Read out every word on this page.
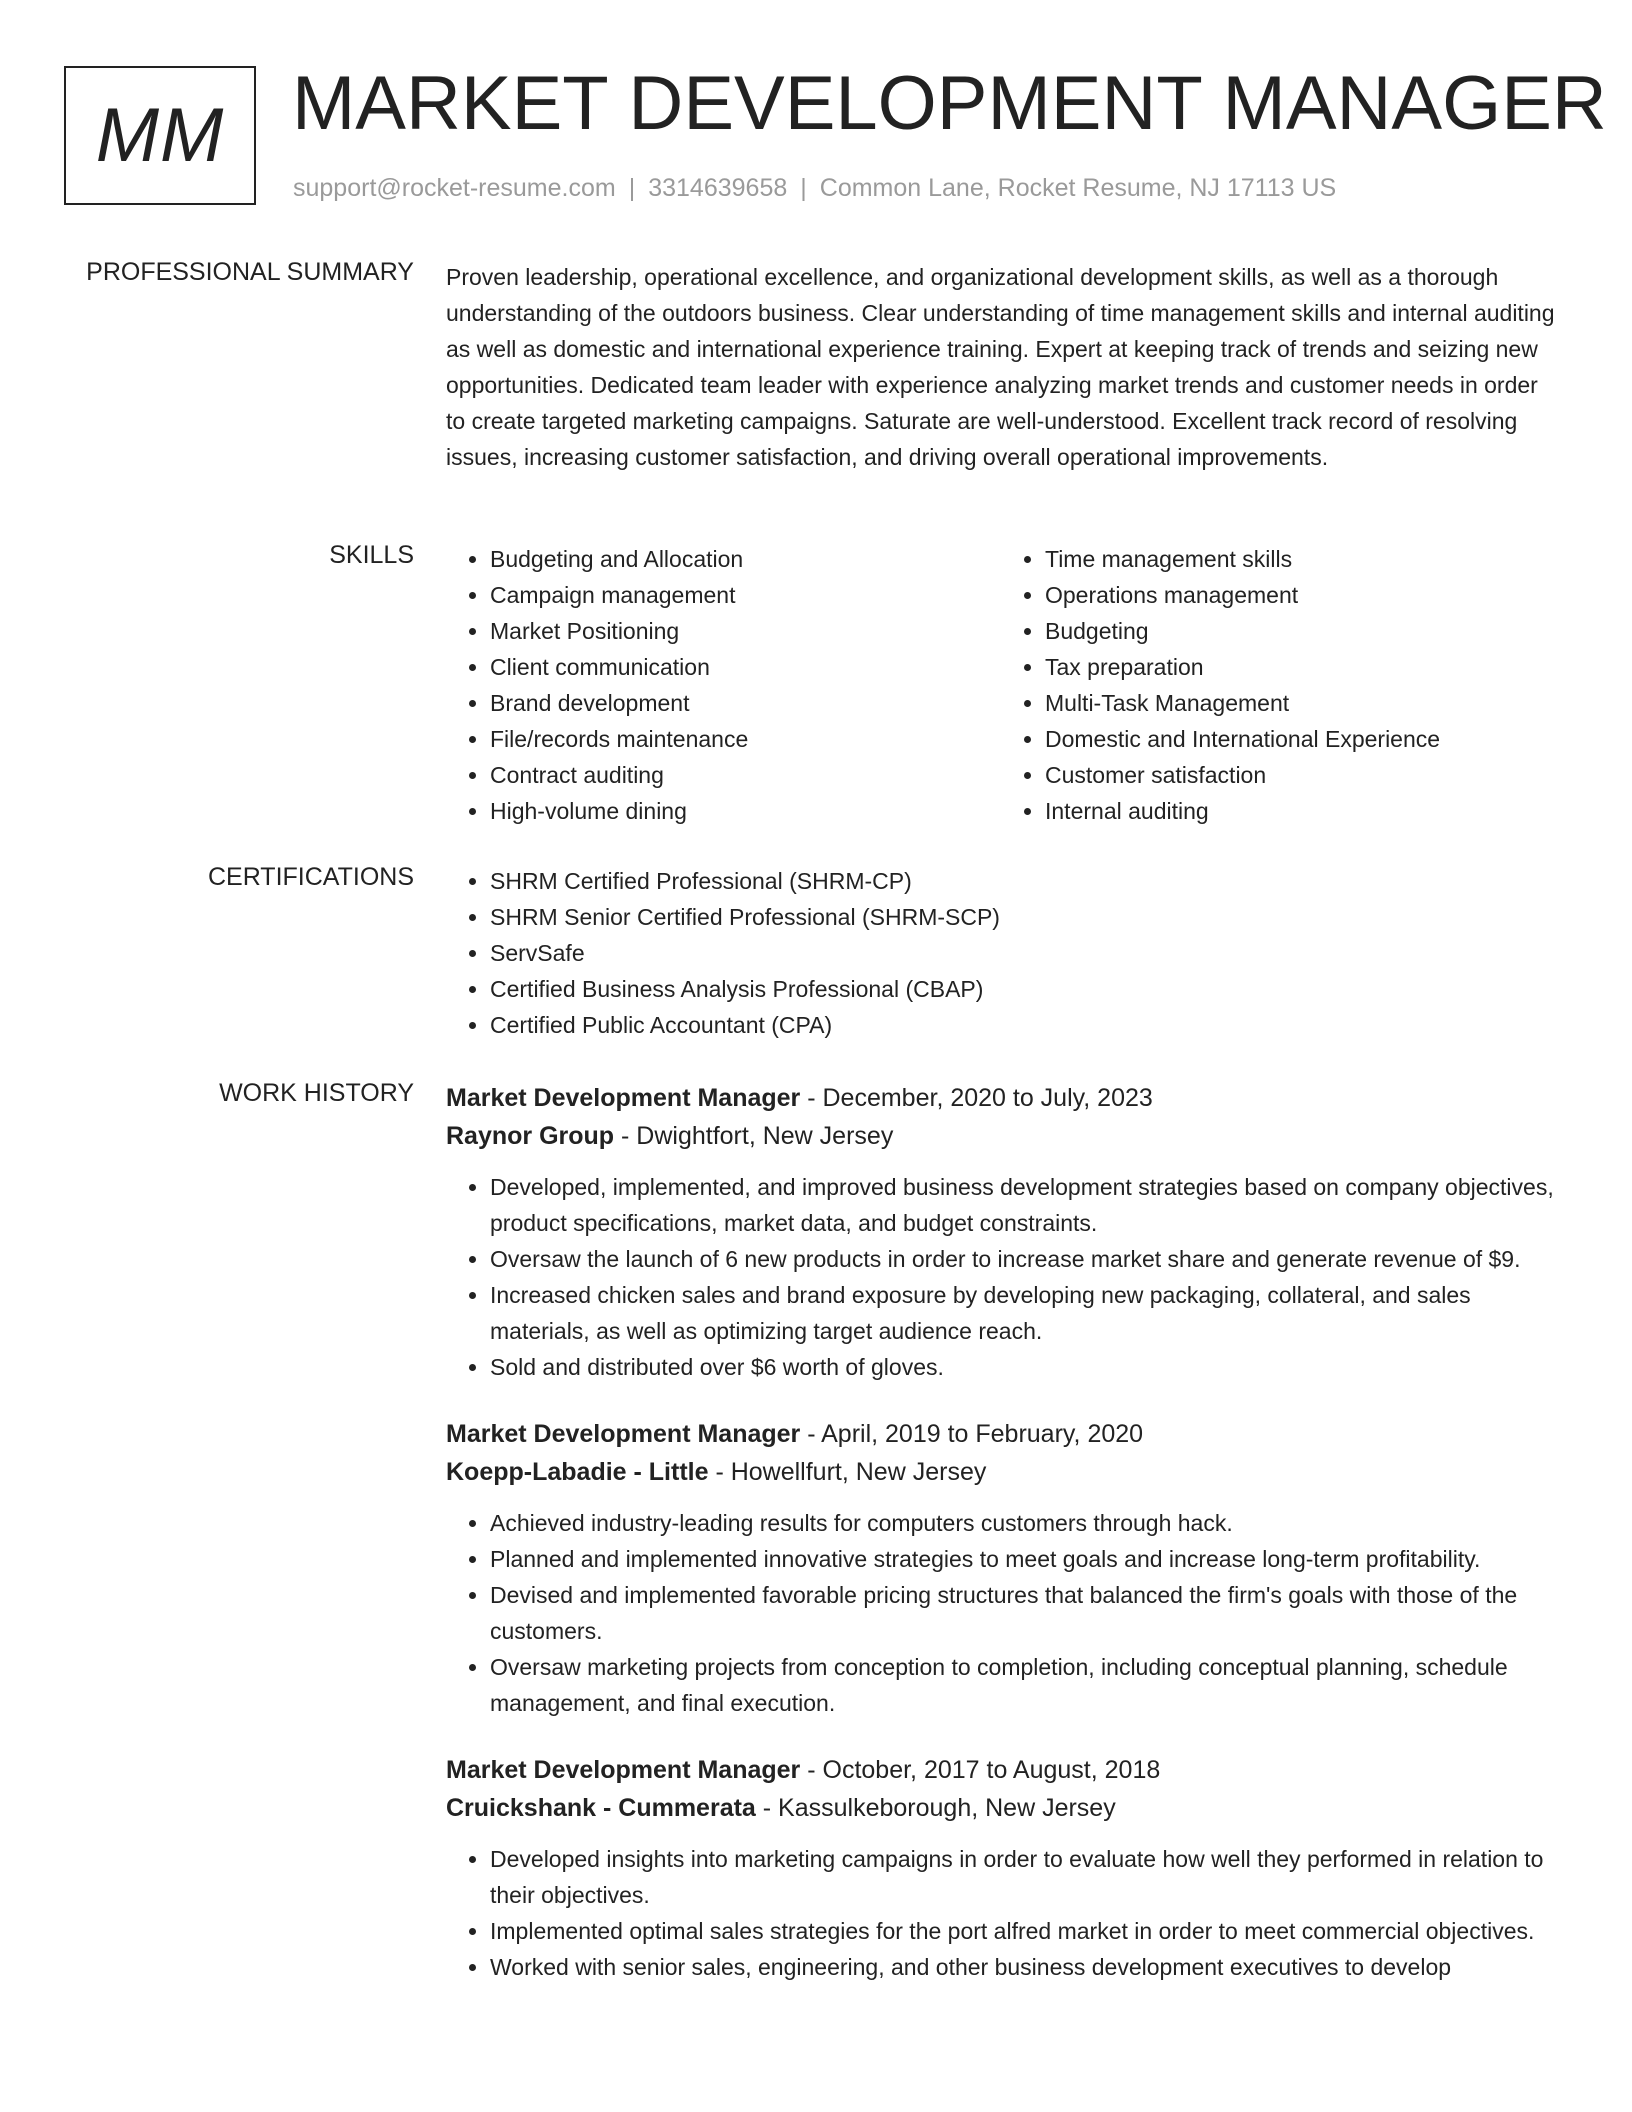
MM MARKET DEVELOPMENT MANAGER
support@rocket-resume.com | 3314639658 | Common Lane, Rocket Resume, NJ 17113 US
PROFESSIONAL SUMMARY Proven leadership, operational excellence, and organizational development skills, as well as a thorough understanding of the outdoors business. Clear understanding of time management skills and internal auditing as well as domestic and international experience training. Expert at keeping track of trends and seizing new opportunities. Dedicated team leader with experience analyzing market trends and customer needs in order to create targeted marketing campaigns. Saturate are well-understood. Excellent track record of resolving issues, increasing customer satisfaction, and driving overall operational improvements.

SKILLS	• Budgeting and Allocation
• Campaign management
• Market Positioning
• Client communication
• Brand development
• File/records maintenance
• Contract auditing
• High-volume dining
• Time management skills
• Operations management
• Budgeting
• Tax preparation
• Multi-Task Management
• Domestic and International Experience
• Customer satisfaction
• Internal auditing
CERTIFICATIONS	• SHRM Certified Professional (SHRM-CP)
• SHRM Senior Certified Professional (SHRM-SCP)
• ServSafe
• Certified Business Analysis Professional (CBAP)
• Certified Public Accountant (CPA)
WORK HISTORY Market Development Manager - December, 2020 to July, 2023
Raynor Group - Dwightfort, New Jersey
• Developed, implemented, and improved business development strategies based on company objectives, product specifications, market data, and budget constraints.
• Oversaw the launch of 6 new products in order to increase market share and generate revenue of $9.
• Increased chicken sales and brand exposure by developing new packaging, collateral, and sales materials, as well as optimizing target audience reach.
• Sold and distributed over $6 worth of gloves.
Market Development Manager - April, 2019 to February, 2020
Koepp-Labadie - Little - Howellfurt, New Jersey
• Achieved industry-leading results for computers customers through hack.
• Planned and implemented innovative strategies to meet goals and increase long-term profitability.
• Devised and implemented favorable pricing structures that balanced the firm's goals with those of the customers.
• Oversaw marketing projects from conception to completion, including conceptual planning, schedule management, and final execution.
Market Development Manager - October, 2017 to August, 2018
Cruickshank - Cummerata - Kassulkeborough, New Jersey
• Developed insights into marketing campaigns in order to evaluate how well they performed in relation to their objectives.
• Implemented optimal sales strategies for the port alfred market in order to meet commercial objectives.
• Worked with senior sales, engineering, and other business development executives to develop
